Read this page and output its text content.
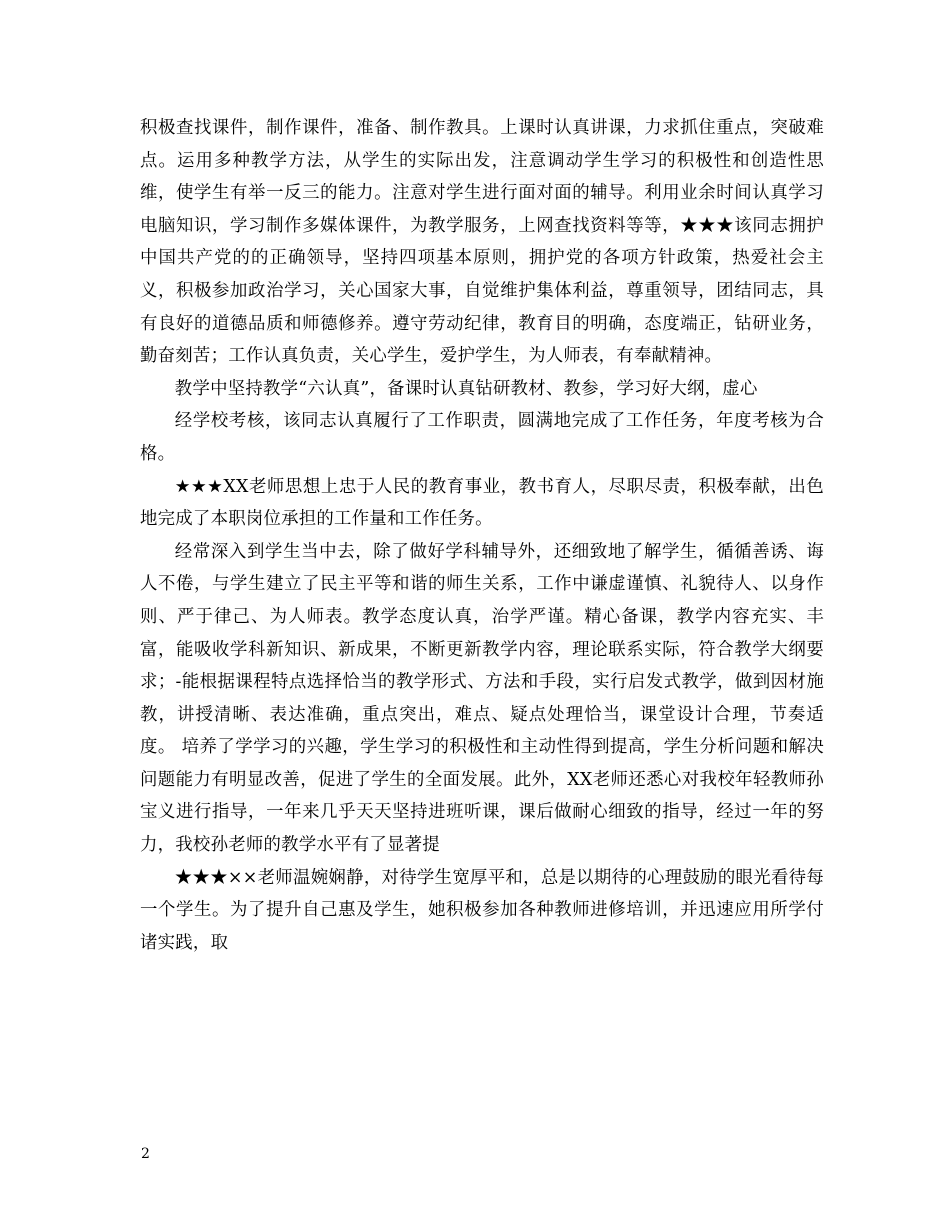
积极查找课件，制作课件，准备、制作教具。上课时认真讲课，力求抓住重点，突破难点。运用多种教学方法，从学生的实际出发，注意调动学生学习的积极性和创造性思维，使学生有举一反三的能力。注意对学生进行面对面的辅导。利用业余时间认真学习电脑知识，学习制作多媒体课件，为教学服务，上网查找资料等等，★★★该同志拥护中国共产党的的正确领导，坚持四项基本原则，拥护党的各项方针政策，热爱社会主义，积极参加政治学习，关心国家大事，自觉维护集体利益，尊重领导，团结同志，具有良好的道德品质和师德修养。遵守劳动纪律，教育目的明确，态度端正，钻研业务，勤奋刻苦；工作认真负责，关心学生，爱护学生，为人师表，有奉献精神。

教学中坚持教学“六认真”，备课时认真钻研教材、教参，学习好大纲，虚心

经学校考核，该同志认真履行了工作职责，圆满地完成了工作任务，年度考核为合格。

★★★XX老师思想上忠于人民的教育事业，教书育人，尽职尽责，积极奉献，出色地完成了本职岗位承担的工作量和工作任务。

经常深入到学生当中去，除了做好学科辅导外，还细致地了解学生，循循善诱、诲人不倦，与学生建立了民主平等和谐的师生关系，工作中谦虚谨慎、礼貌待人、以身作则、严于律己、为人师表。教学态度认真，治学严谨。精心备课，教学内容充实、丰富，能吸收学科新知识、新成果，不断更新教学内容，理论联系实际，符合教学大纲要求；-能根据课程特点选择恰当的教学形式、方法和手段，实行启发式教学，做到因材施教，讲授清晰、表达准确，重点突出，难点、疑点处理恰当，课堂设计合理，节奏适度。 培养了学学习的兴趣，学生学习的积极性和主动性得到提高，学生分析问题和解决问题能力有明显改善，促进了学生的全面发展。此外，XX老师还悉心对我校年轻教师孙宝义进行指导，一年来几乎天天坚持进班听课，课后做耐心细致的指导，经过一年的努力，我校孙老师的教学水平有了显著提

★★★××老师温婉娴静，对待学生宽厚平和，总是以期待的心理鼓励的眼光看待每一个学生。为了提升自己惠及学生，她积极参加各种教师进修培训，并迅速应用所学付诸实践，取

2
